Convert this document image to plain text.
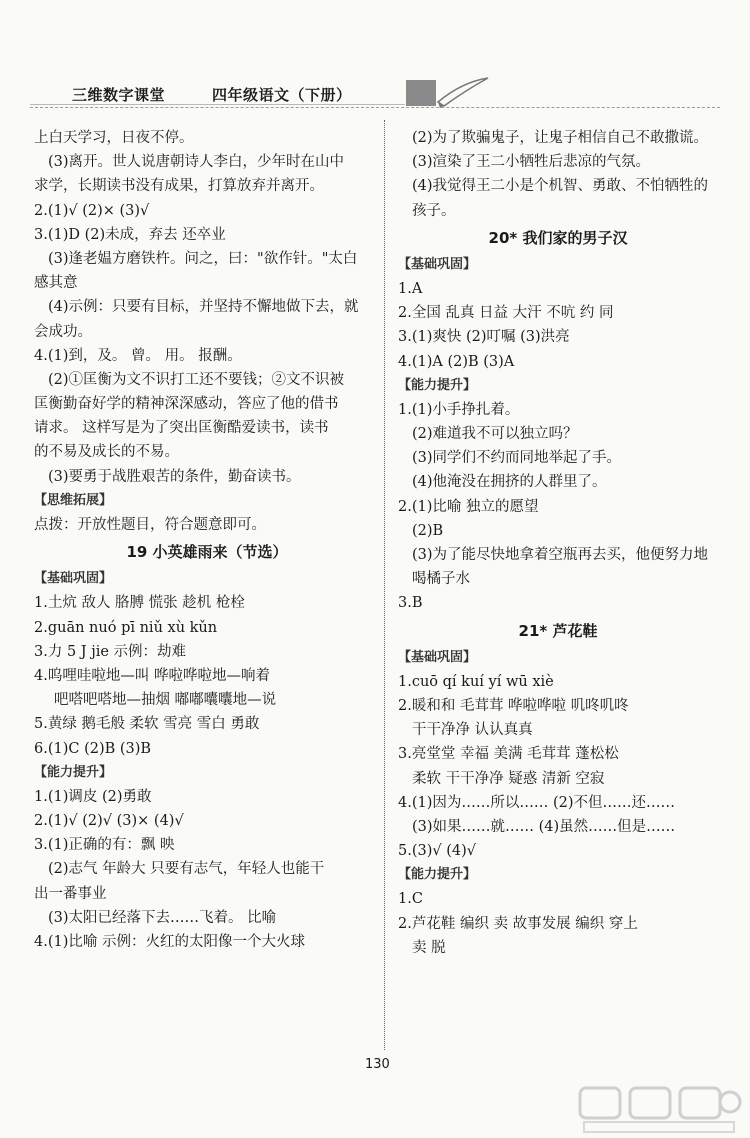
三维数字课堂	四年级语文（下册）
上白天学习，日夜不停。
(3)离开。世人说唐朝诗人李白，少年时在山中
求学，长期读书没有成果，打算放弃并离开。
2.(1)√ (2)× (3)√
3.(1)D (2)未成，弃去 还卒业
(3)逢老媪方磨铁杵。问之，曰："欲作针。"太白
感其意
(4)示例：只要有目标，并坚持不懈地做下去，就
会成功。
4.(1)到，及。 曾。 用。 报酬。
(2)①匡衡为文不识打工还不要钱；②文不识被
匡衡勤奋好学的精神深深感动，答应了他的借书
请求。 这样写是为了突出匡衡酷爱读书，读书
的不易及成长的不易。
(3)要勇于战胜艰苦的条件，勤奋读书。
【思维拓展】
点拨：开放性题目，符合题意即可。
19 小英雄雨来（节选）
【基础巩固】
1.土炕 敌人 胳膊 慌张 趁机 枪栓
2.guān nuó pī niǔ xù kǔn
3.力 5 J jie 示例：劫难
4.呜哩哇啦地—叫 哗啦哗啦地—响着
吧嗒吧嗒地—抽烟 嘟嘟囔囔地—说
5.黄绿 鹅毛般 柔软 雪亮 雪白 勇敢
6.(1)C (2)B (3)B
【能力提升】
1.(1)调皮 (2)勇敢
2.(1)√ (2)√ (3)× (4)√
3.(1)正确的有：飘 映
(2)志气 年龄大 只要有志气，年轻人也能干
出一番事业
(3)太阳已经落下去……飞着。 比喻
4.(1)比喻 示例：火红的太阳像一个大火球
(2)为了欺骗鬼子，让鬼子相信自己不敢撒谎。
(3)渲染了王二小牺牲后悲凉的气氛。
(4)我觉得王二小是个机智、勇敢、不怕牺牲的
孩子。
20* 我们家的男子汉
【基础巩固】
1.A
2.全国 乱真 日益 大汗 不吭 约 同
3.(1)爽快 (2)叮嘱 (3)洪亮
4.(1)A (2)B (3)A
【能力提升】
1.(1)小手挣扎着。
(2)难道我不可以独立吗？
(3)同学们不约而同地举起了手。
(4)他淹没在拥挤的人群里了。
2.(1)比喻 独立的愿望
(2)B
(3)为了能尽快地拿着空瓶再去买，他便努力地
喝橘子水
3.B
21* 芦花鞋
【基础巩固】
1.cuō qí kuí yí wū xiè
2.暖和和 毛茸茸 哗啦哗啦 叽咚叽咚
干干净净 认认真真
3.亮堂堂 幸福 美满 毛茸茸 蓬松松
柔软 干干净净 疑惑 清新 空寂
4.(1)因为……所以…… (2)不但……还……
(3)如果……就…… (4)虽然……但是……
5.(3)√ (4)√
【能力提升】
1.C
2.芦花鞋 编织 卖 故事发展 编织 穿上
卖 脱
130
